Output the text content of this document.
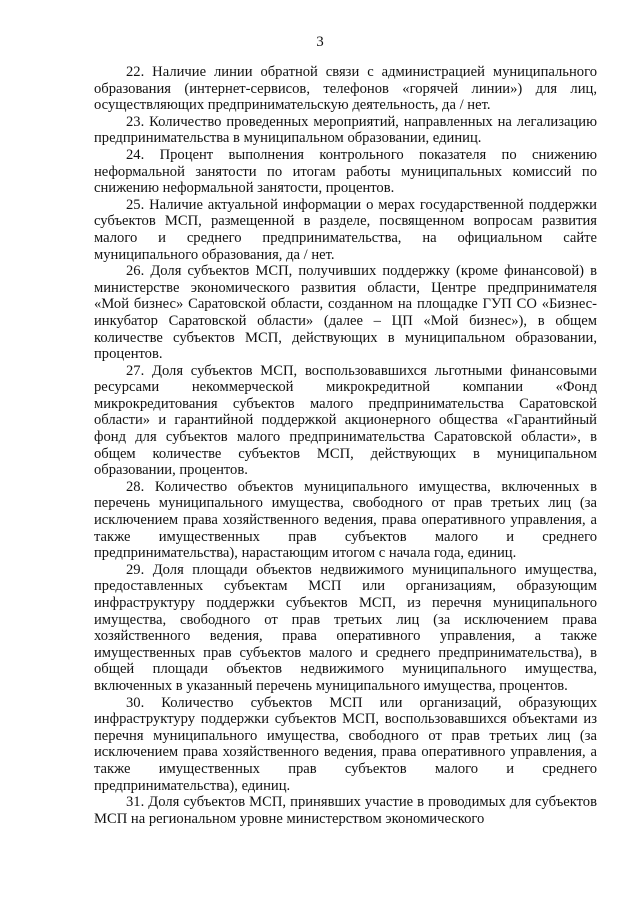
3

22. Наличие линии обратной связи с администрацией муниципального образования (интернет-сервисов, телефонов «горячей линии») для лиц, осуществляющих предпринимательскую деятельность, да / нет.

23. Количество проведенных мероприятий, направленных на легализацию предпринимательства в муниципальном образовании, единиц.

24. Процент выполнения контрольного показателя по снижению неформальной занятости по итогам работы муниципальных комиссий по снижению неформальной занятости, процентов.

25. Наличие актуальной информации о мерах государственной поддержки субъектов МСП, размещенной в разделе, посвященном вопросам развития малого и среднего предпринимательства, на официальном сайте муниципального образования, да / нет.

26. Доля субъектов МСП, получивших поддержку (кроме финансовой) в министерстве экономического развития области, Центре предпринимателя «Мой бизнес» Саратовской области, созданном на площадке ГУП СО «Бизнес-инкубатор Саратовской области» (далее – ЦП «Мой бизнес»), в общем количестве субъектов МСП, действующих в муниципальном образовании, процентов.

27. Доля субъектов МСП, воспользовавшихся льготными финансовыми ресурсами некоммерческой микрокредитной компании «Фонд микрокредитования субъектов малого предпринимательства Саратовской области» и гарантийной поддержкой акционерного общества «Гарантийный фонд для субъектов малого предпринимательства Саратовской области», в общем количестве субъектов МСП, действующих в муниципальном образовании, процентов.

28. Количество объектов муниципального имущества, включенных в перечень муниципального имущества, свободного от прав третьих лиц (за исключением права хозяйственного ведения, права оперативного управления, а также имущественных прав субъектов малого и среднего предпринимательства), нарастающим итогом с начала года, единиц.

29. Доля площади объектов недвижимого муниципального имущества, предоставленных субъектам МСП или организациям, образующим инфраструктуру поддержки субъектов МСП, из перечня муниципального имущества, свободного от прав третьих лиц (за исключением права хозяйственного ведения, права оперативного управления, а также имущественных прав субъектов малого и среднего предпринимательства), в общей площади объектов недвижимого муниципального имущества, включенных в указанный перечень муниципального имущества, процентов.

30. Количество субъектов МСП или организаций, образующих инфраструктуру поддержки субъектов МСП, воспользовавшихся объектами из перечня муниципального имущества, свободного от прав третьих лиц (за исключением права хозяйственного ведения, права оперативного управления, а также имущественных прав субъектов малого и среднего предпринимательства), единиц.

31. Доля субъектов МСП, принявших участие в проводимых для субъектов МСП на региональном уровне министерством экономического
